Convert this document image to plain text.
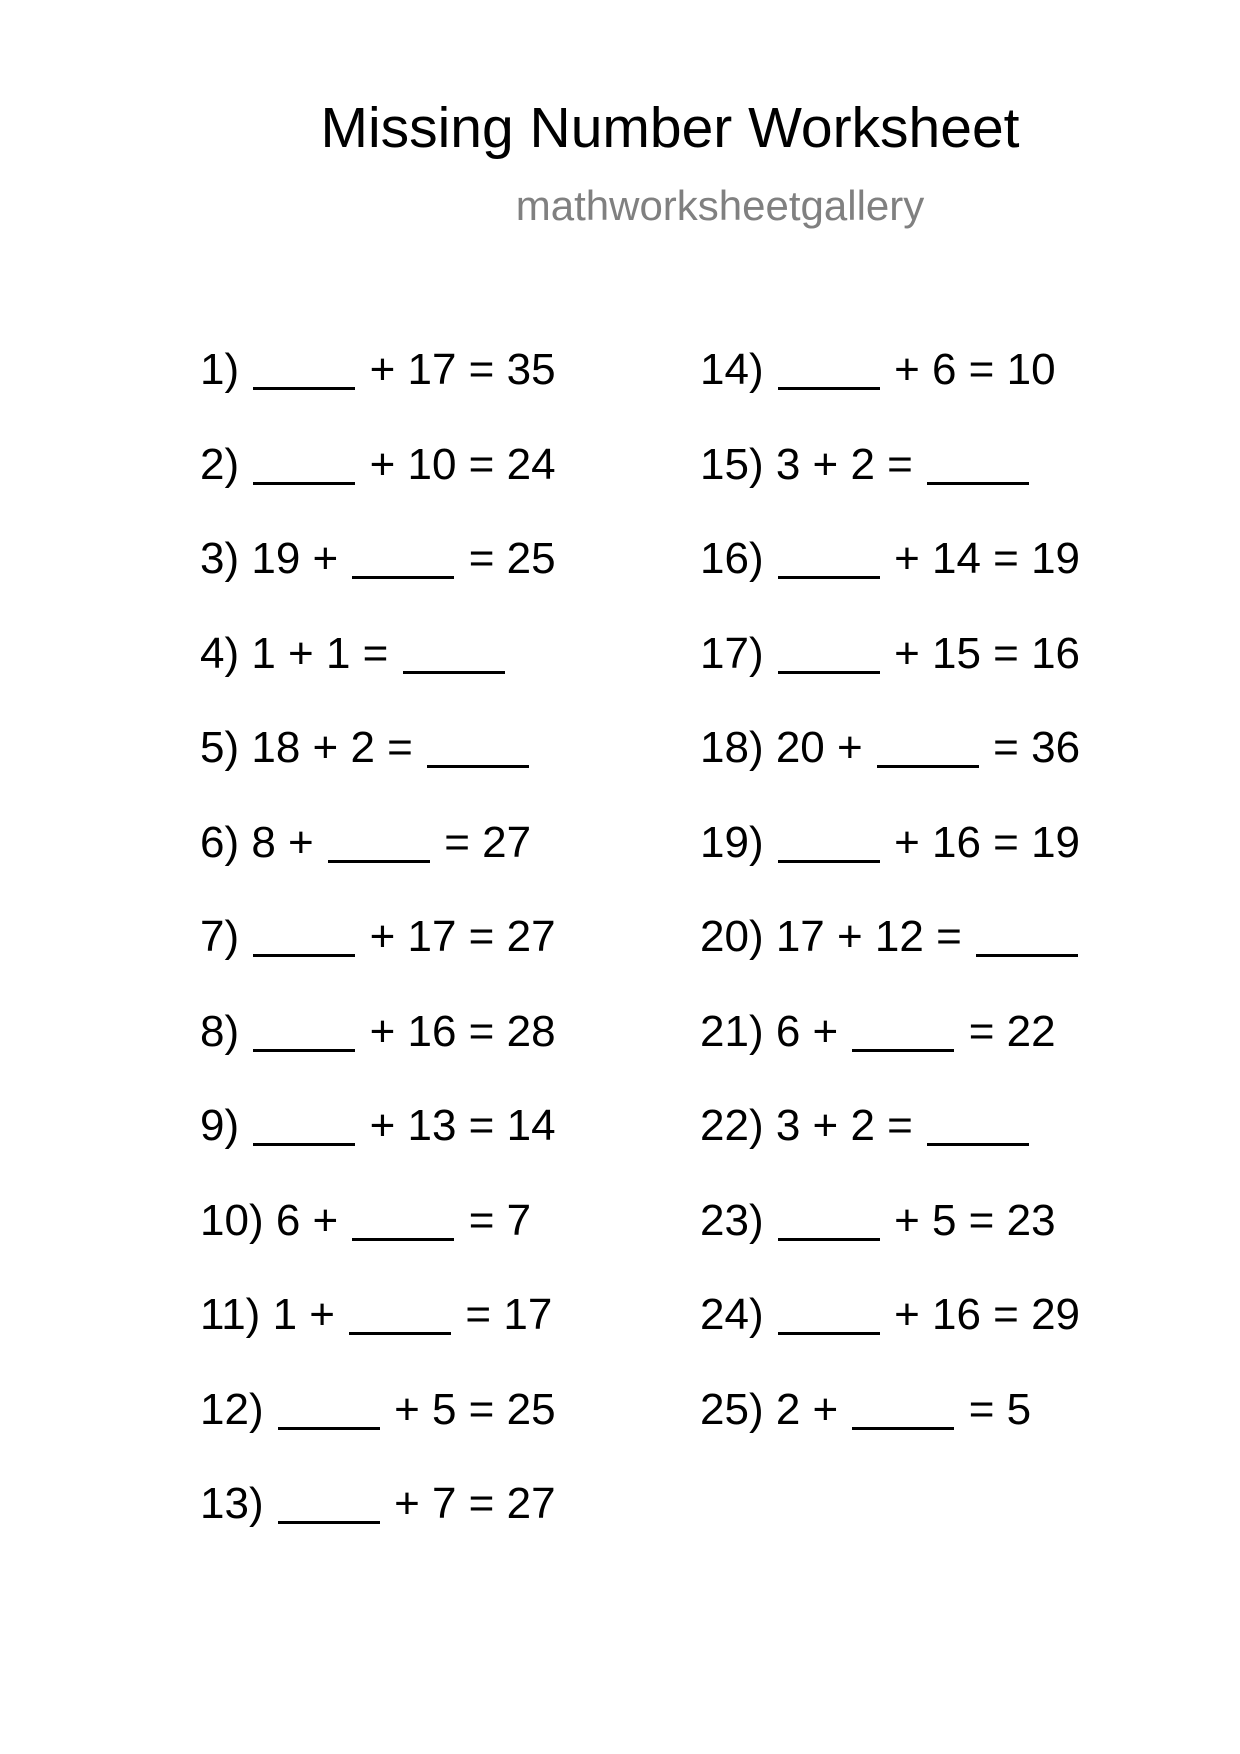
Missing Number Worksheet
mathworksheetgallery
1)	+ 17 = 35
2)	+ 10 = 24
3) 19 +	= 25
4) 1 + 1 =
5) 18 + 2 =
6) 8 +	= 27
7)	+ 17 = 27
8)	+ 16 = 28
9)	+ 13 = 14
10) 6 +	= 7
11) 1 +	= 17
12)	+ 5 = 25
13)	+ 7 = 27
14)	+ 6 = 10
15) 3 + 2 =
16)	+ 14 = 19
17)	+ 15 = 16
18) 20 +	= 36
19)	+ 16 = 19
20) 17 + 12 =
21) 6 +	= 22
22) 3 + 2 =
23)	+ 5 = 23
24)	+ 16 = 29
25) 2 +	= 5
